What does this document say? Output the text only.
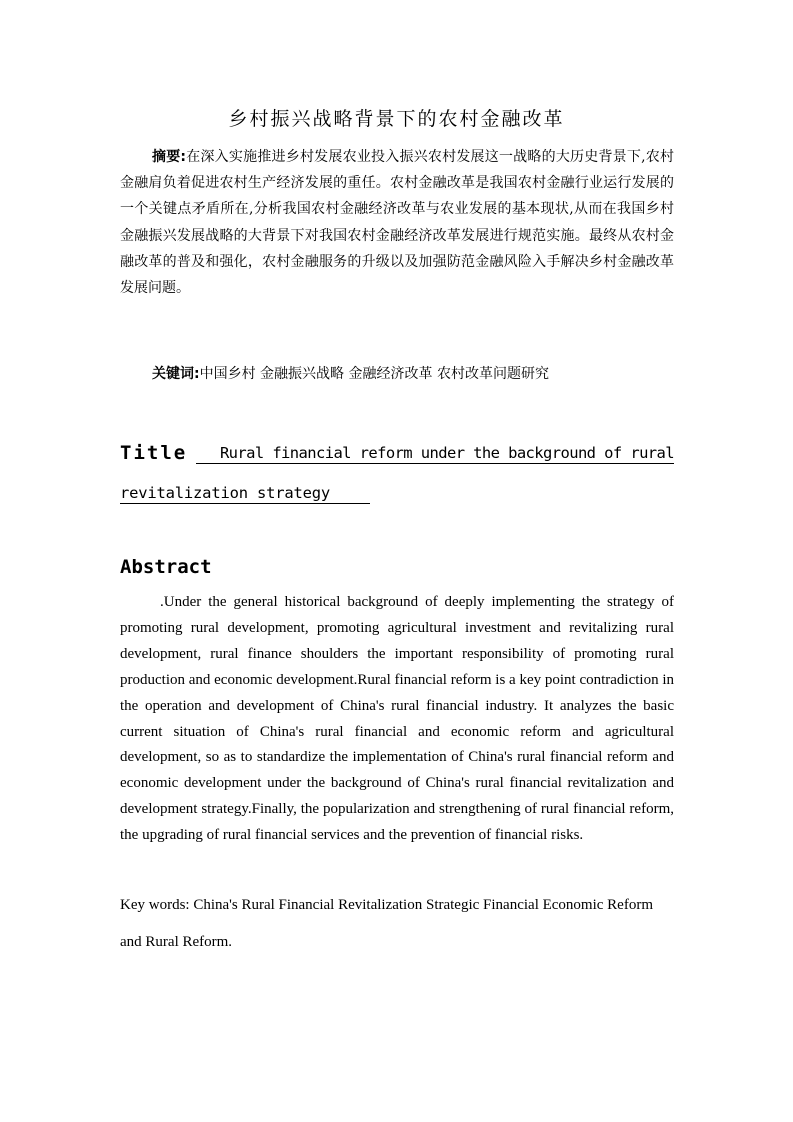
乡村振兴战略背景下的农村金融改革

摘要:在深入实施推进乡村发展农业投入振兴农村发展这一战略的大历史背景下,农村金融肩负着促进农村生产经济发展的重任。农村金融改革是我国农村金融行业运行发展的一个关键点矛盾所在,分析我国农村金融经济改革与农业发展的基本现状,从而在我国乡村金融振兴发展战略的大背景下对我国农村金融经济改革发展进行规范实施。最终从农村金融改革的普及和强化，农村金融服务的升级以及加强防范金融风险入手解决乡村金融改革发展问题。

关键词:中国乡村 金融振兴战略 金融经济改革 农村改革问题研究
Title	Rural financial reform under the background of rural
revitalization strategy
Abstract

.Under the general historical background of deeply implementing the strategy of promoting rural development, promoting agricultural investment and revitalizing rural development, rural finance shoulders the important responsibility of promoting rural production and economic development.Rural financial reform is a key point contradiction in the operation and development of China's rural financial industry. It analyzes the basic current situation of China's rural financial and economic reform and agricultural development, so as to standardize the implementation of China's rural financial reform and economic development under the background of China's rural financial revitalization and development strategy.Finally, the popularization and strengthening of rural financial reform, the upgrading of rural financial services and the prevention of financial risks.

Key words: China's Rural Financial Revitalization Strategic Financial Economic Reform and Rural Reform.
